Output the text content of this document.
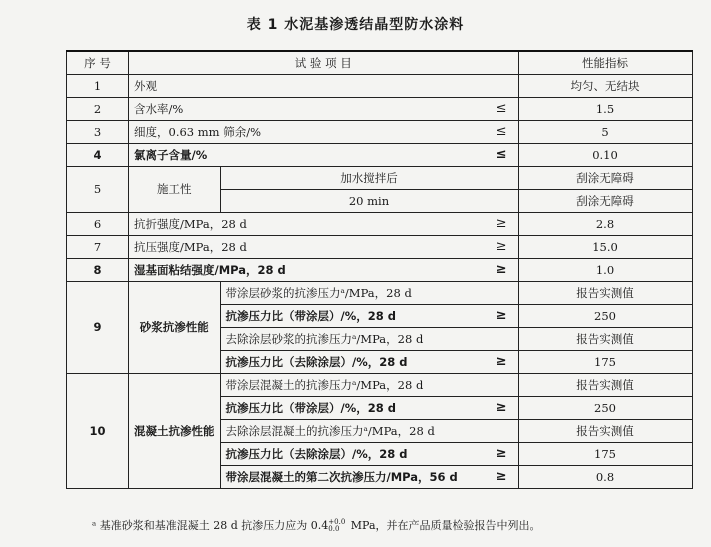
表 1 水泥基渗透结晶型防水涂料
序 号	试 验 项 目		性能指标
1	外观		均匀、无结块
2	含水率/% ≤		1.5
3	细度，0.63 mm 筛余/% ≤		5
4	氯离子含量/% ≤		0.10
5	施工性	加水搅拌后	刮涂无障碍
		20 min	刮涂无障碍
6	抗折强度/MPa，28 d ≥		2.8
7	抗压强度/MPa，28 d ≥		15.0
8	湿基面粘结强度/MPa，28 d ≥		1.0
9	砂浆抗渗性能	带涂层砂浆的抗渗压力ᵃ/MPa，28 d	报告实测值

		抗渗压力比（带涂层）/%，28 d ≥	250

		去除涂层砂浆的抗渗压力ᵃ/MPa，28 d	报告实测值

		抗渗压力比（去除涂层）/%，28 d ≥	175
10	混凝土抗渗性能	带涂层混凝土的抗渗压力ᵃ/MPa，28 d	报告实测值

		抗渗压力比（带涂层）/%，28 d ≥	250

		去除涂层混凝土的抗渗压力ᵃ/MPa，28 d	报告实测值

		抗渗压力比（去除涂层）/%，28 d ≥	175

		带涂层混凝土的第二次抗渗压力/MPa，56 d ≥	0.8
ᵃ 基准砂浆和基准混凝土 28 d 抗渗压力应为 0.4+0.0
0.0 MPa，并在产品质量检验报告中列出。
